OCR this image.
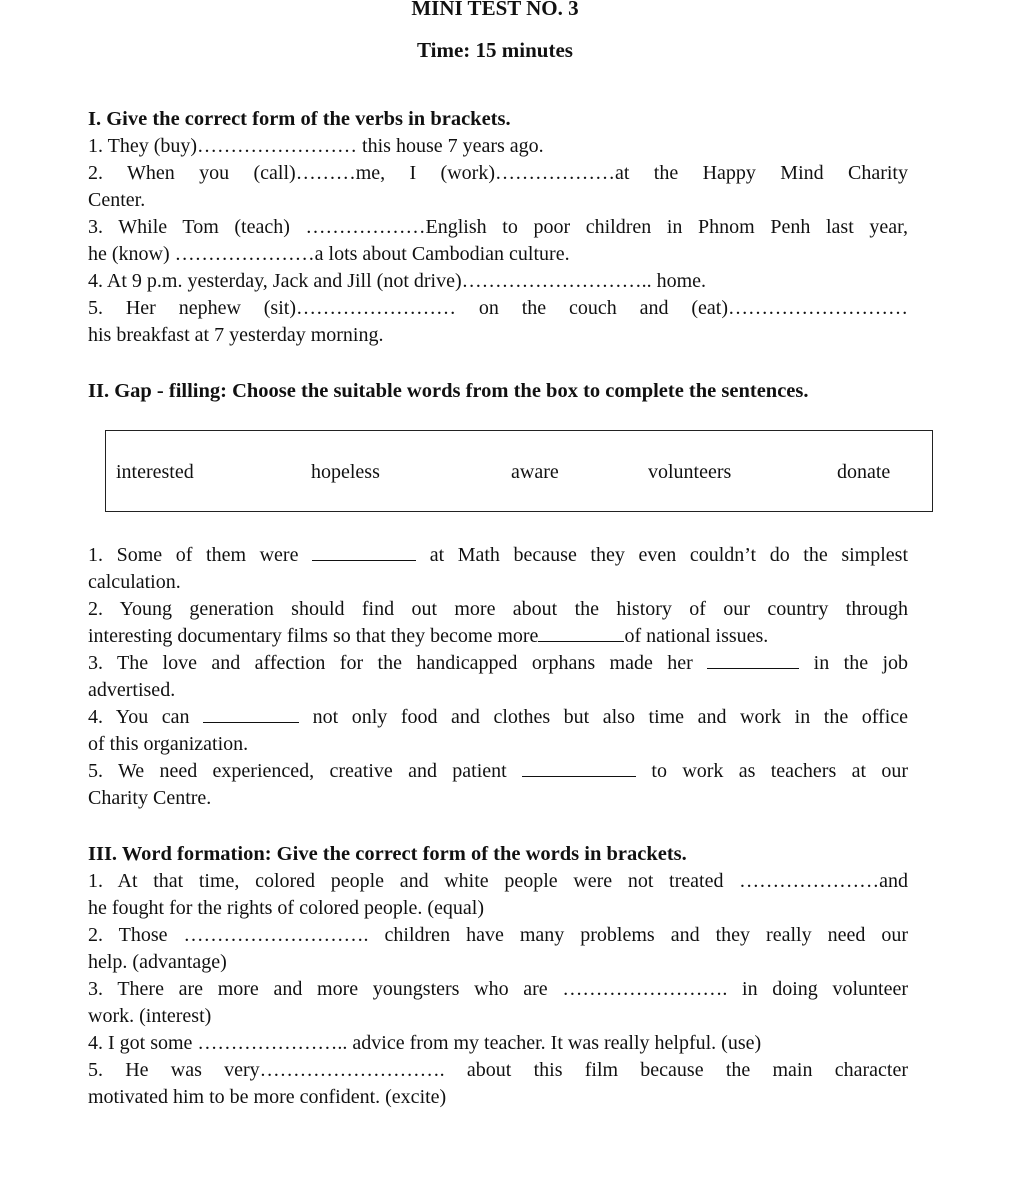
MINI TEST NO. 3
Time: 15 minutes
I. Give the correct form of the verbs in brackets.
1. They (buy)…………………… this house 7 years ago.
2. When you (call)………me, I (work)………………at the Happy Mind Charity
Center.
3. While Tom (teach) ………………English to poor children in Phnom Penh last year,
he (know) …………………a lots about Cambodian culture.
4. At 9 p.m. yesterday, Jack and Jill (not drive)……………………….. home.
5. Her nephew (sit)…………………… on the couch and (eat)………………………
his breakfast at 7 yesterday morning.
II. Gap - filling: Choose the suitable words from the box to complete the sentences.
interested	hopeless	aware	volunteers	donate
1. Some of them were	at Math because they even couldn’t do the simplest
calculation.
2. Young generation should find out more about the history of our country through
interesting documentary films so that they become more	of national issues.
3. The love and affection for the handicapped orphans made her	in the job
advertised.
4. You can	not only food and clothes but also time and work in the office
of this organization.
5. We need experienced, creative and patient	to work as teachers at our
Charity Centre.
III. Word formation: Give the correct form of the words in brackets.
1. At that time, colored people and white people were not treated …………………and
he fought for the rights of colored people. (equal)
2. Those ………………………. children have many problems and they really need our
help. (advantage)
3. There are more and more youngsters who are ……………………. in doing volunteer
work. (interest)
4. I got some ………………….. advice from my teacher. It was really helpful. (use)
5. He was very………………………. about this film because the main character
motivated him to be more confident. (excite)
